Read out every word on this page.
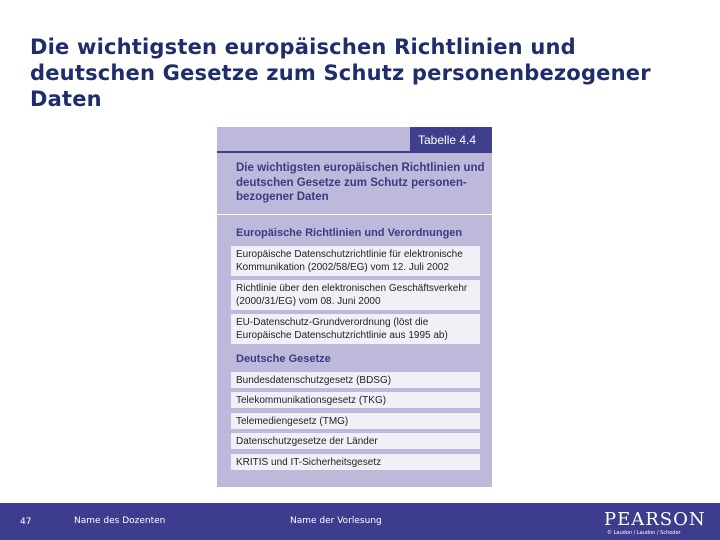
Die wichtigsten europäischen Richtlinien und deutschen Gesetze zum Schutz personenbezogener Daten
Tabelle 4.4
Die wichtigsten europäischen Richtlinien und deutschen Gesetze zum Schutz personen-bezogener Daten
Europäische Richtlinien und Verordnungen
Europäische Datenschutzrichtlinie für elektronische Kommunikation (2002/58/EG) vom 12. Juli 2002
Richtlinie über den elektronischen Geschäftsverkehr (2000/31/EG) vom 08. Juni 2000
EU-Datenschutz-Grundverordnung (löst die Europäische Datenschutzrichtlinie aus 1995 ab)
Deutsche Gesetze
Bundesdatenschutzgesetz (BDSG)
Telekommunikationsgesetz (TKG)
Telemediengesetz (TMG)
Datenschutzgesetze der Länder
KRITIS und IT-Sicherheitsgesetz
47	Name des Dozenten	Name der Vorlesung	PEARSON
© Laudon / Laudon / Schoder
